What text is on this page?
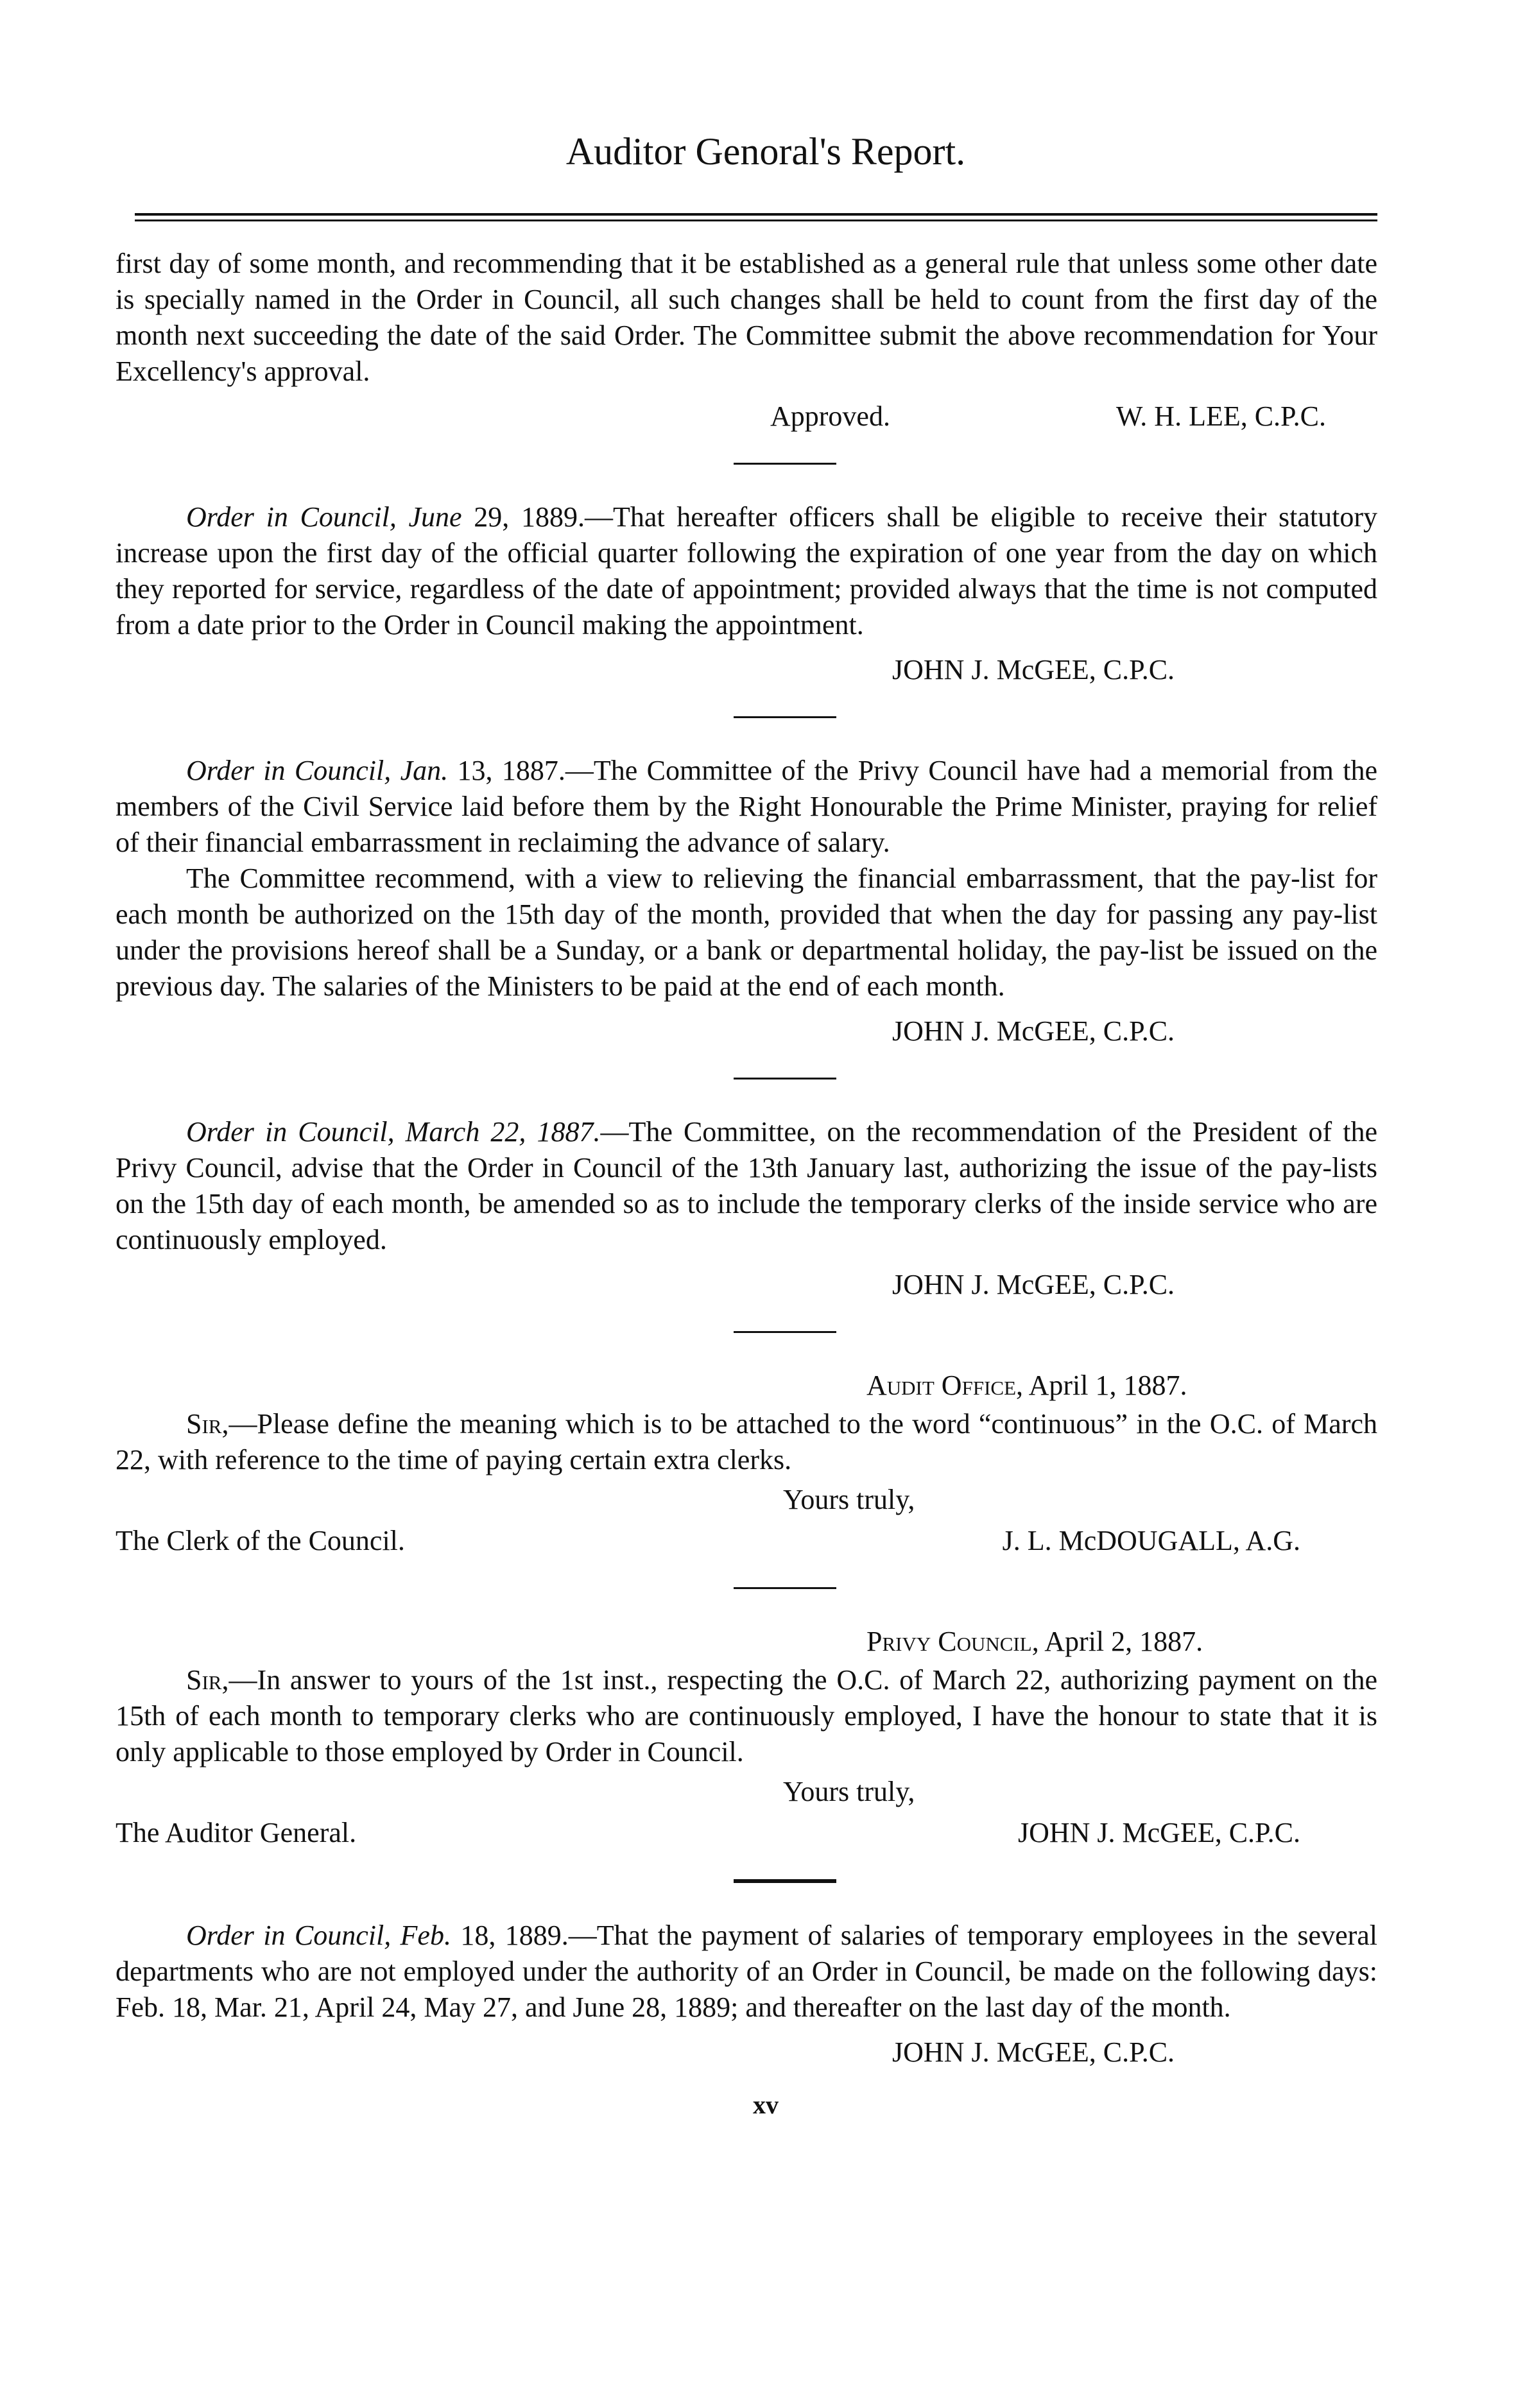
Auditor Genoral's Report.

first day of some month, and recommending that it be established as a general rule that unless some other date is specially named in the Order in Council, all such changes shall be held to count from the first day of the month next succeeding the date of the said Order. The Committee submit the above recommendation for Your Excellency's approval.

Approved.	W. H. LEE, C.P.C.

Order in Council, June 29, 1889.—That hereafter officers shall be eligible to receive their statutory increase upon the first day of the official quarter following the expiration of one year from the day on which they reported for service, regardless of the date of appointment; provided always that the time is not computed from a date prior to the Order in Council making the appointment.

JOHN J. McGEE, C.P.C.

Order in Council, Jan. 13, 1887.—The Committee of the Privy Council have had a memorial from the members of the Civil Service laid before them by the Right Honourable the Prime Minister, praying for relief of their financial embarrassment in reclaiming the advance of salary.

The Committee recommend, with a view to relieving the financial embarrassment, that the pay-list for each month be authorized on the 15th day of the month, provided that when the day for passing any pay-list under the provisions hereof shall be a Sunday, or a bank or departmental holiday, the pay-list be issued on the previous day. The salaries of the Ministers to be paid at the end of each month.

JOHN J. McGEE, C.P.C.

Order in Council, March 22, 1887.—The Committee, on the recommendation of the President of the Privy Council, advise that the Order in Council of the 13th January last, authorizing the issue of the pay-lists on the 15th day of each month, be amended so as to include the temporary clerks of the inside service who are continuously employed.

JOHN J. McGEE, C.P.C.
Audit Office, April 1, 1887.

Sir,—Please define the meaning which is to be attached to the word “continuous” in the O.C. of March 22, with reference to the time of paying certain extra clerks.

Yours truly,
The Clerk of the Council.	J. L. McDOUGALL, A.G.
Privy Council, April 2, 1887.

Sir,—In answer to yours of the 1st inst., respecting the O.C. of March 22, authorizing payment on the 15th of each month to temporary clerks who are continuously employed, I have the honour to state that it is only applicable to those employed by Order in Council.

Yours truly,
The Auditor General.	JOHN J. McGEE, C.P.C.

Order in Council, Feb. 18, 1889.—That the payment of salaries of temporary employees in the several departments who are not employed under the authority of an Order in Council, be made on the following days: Feb. 18, Mar. 21, April 24, May 27, and June 28, 1889; and thereafter on the last day of the month.

JOHN J. McGEE, C.P.C.
xv
